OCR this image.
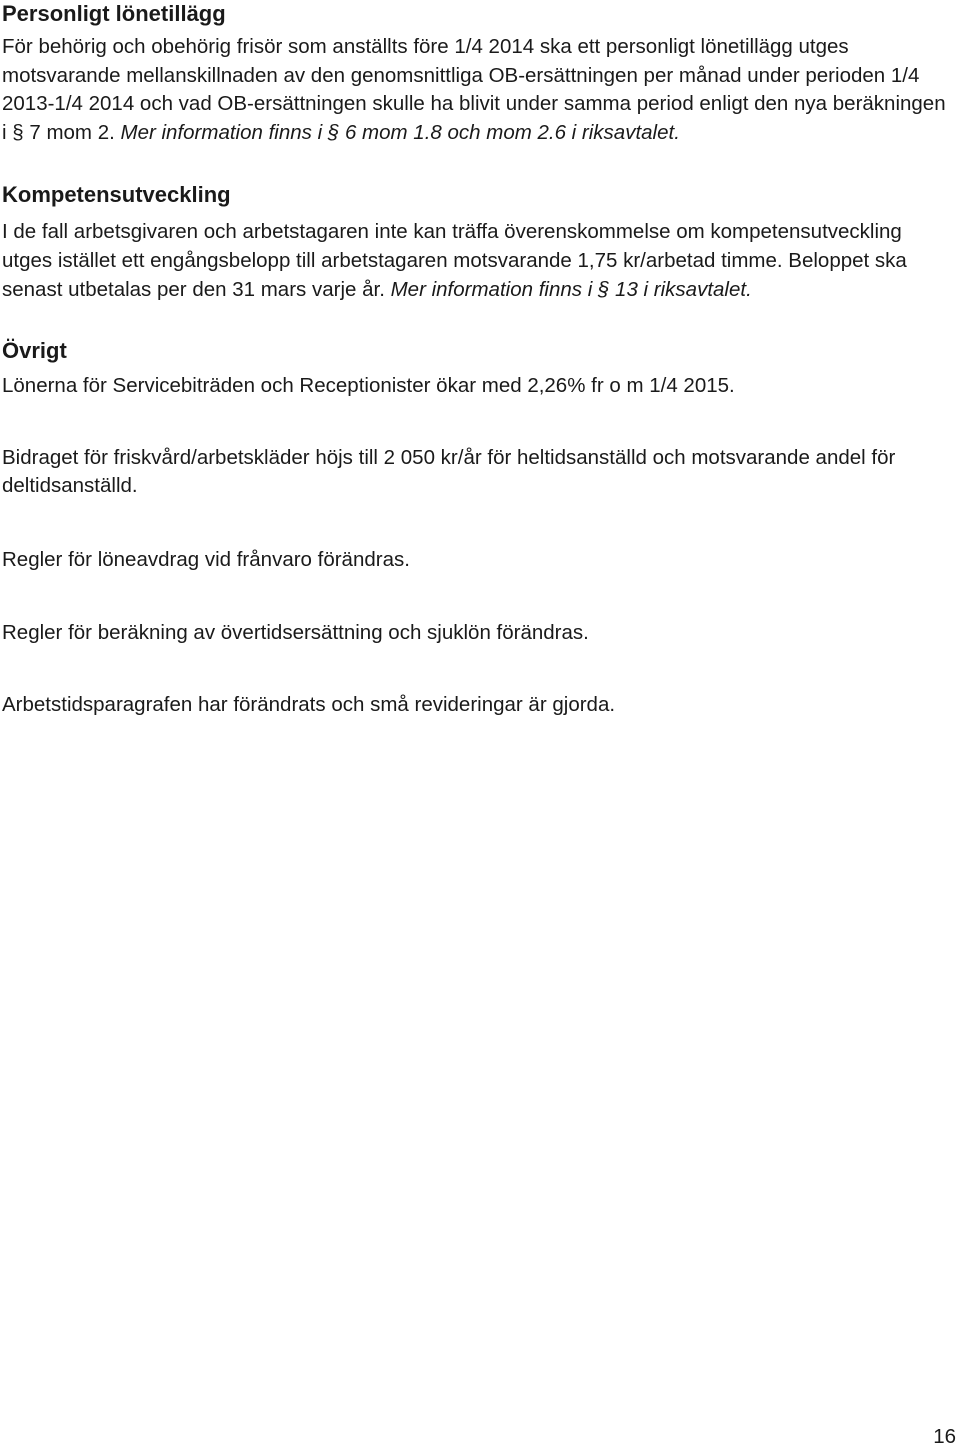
Personligt lönetillägg

För behörig och obehörig frisör som anställts före 1/4 2014 ska ett personligt lönetillägg utges motsvarande mellanskillnaden av den genomsnittliga OB-ersättningen per månad under perioden 1/4 2013-1/4 2014 och vad OB-ersättningen skulle ha blivit under samma period enligt den nya beräkningen i § 7 mom 2. Mer information finns i § 6 mom 1.8 och mom 2.6 i riksavtalet.

Kompetensutveckling

I de fall arbetsgivaren och arbetstagaren inte kan träffa överenskommelse om kompetensutveckling utges istället ett engångsbelopp till arbetstagaren motsvarande 1,75 kr/arbetad timme. Beloppet ska senast utbetalas per den 31 mars varje år. Mer information finns i § 13 i riksavtalet.

Övrigt

Lönerna för Servicebiträden och Receptionister ökar med 2,26% fr o m 1/4 2015.

Bidraget för friskvård/arbetskläder höjs till 2 050 kr/år för heltidsanställd och motsvarande andel för deltidsanställd.

Regler för löneavdrag vid frånvaro förändras.

Regler för beräkning av övertidsersättning och sjuklön förändras.

Arbetstidsparagrafen har förändrats och små revideringar är gjorda.

16
